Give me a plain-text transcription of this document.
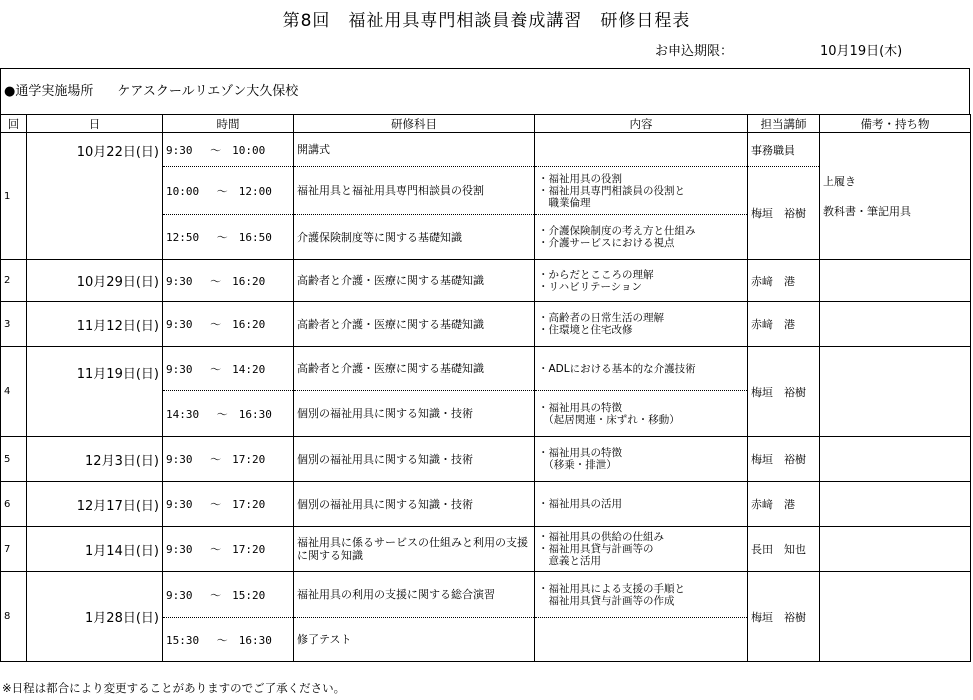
第8回　福祉用具専門相談員養成講習　研修日程表
お申込期限：	10月19日(木)
●通学実施場所 ケアスクールリエゾン大久保校
回	日	時間	研修科目	内容	担当講師	備考・持ち物
1	10月22日(日)	9:30　 ～　10:00	開講式		事務職員	上履き
教科書・筆記用具

		10:00　 ～　12:00	福祉用具と福祉用具専門相談員の役割	・福祉用具の役割
・福祉用具専門相談員の役割と
　職業倫理	梅垣　裕樹	
		12:50　 ～　16:50	介護保険制度等に関する基礎知識	・介護保険制度の考え方と仕組み
・介護サービスにおける視点		
2	10月29日(日)	9:30　 ～　16:20	高齢者と介護・医療に関する基礎知識	・からだとこころの理解
・リハビリテーション	赤﨑　港	
3	11月12日(日)	9:30　 ～　16:20	高齢者と介護・医療に関する基礎知識	・高齢者の日常生活の理解
・住環境と住宅改修	赤﨑　港	
4	11月19日(日)	9:30　 ～　14:20	高齢者と介護・医療に関する基礎知識	・ADLにおける基本的な介護技術	梅垣　裕樹	
		14:30　 ～　16:30	個別の福祉用具に関する知識・技術	・福祉用具の特徴
　（起居関連・床ずれ・移動）		
5	12月3日(日)	9:30　 ～　17:20	個別の福祉用具に関する知識・技術	・福祉用具の特徴
　（移乗・排泄）	梅垣　裕樹	
6	12月17日(日)	9:30　 ～　17:20	個別の福祉用具に関する知識・技術	・福祉用具の活用	赤﨑　港	
7	1月14日(日)	9:30　 ～　17:20	福祉用具に係るサービスの仕組みと利用の支援に関する知識	・福祉用具の供給の仕組み
・福祉用具貸与計画等の
　意義と活用	長田　知也	
8	1月28日(日)	9:30　 ～　15:20	福祉用具の利用の支援に関する総合演習	・福祉用具による支援の手順と
　福祉用具貸与計画等の作成	梅垣　裕樹	
		15:30　 ～　16:30	修了テスト			
※日程は都合により変更することがありますのでご了承ください。
